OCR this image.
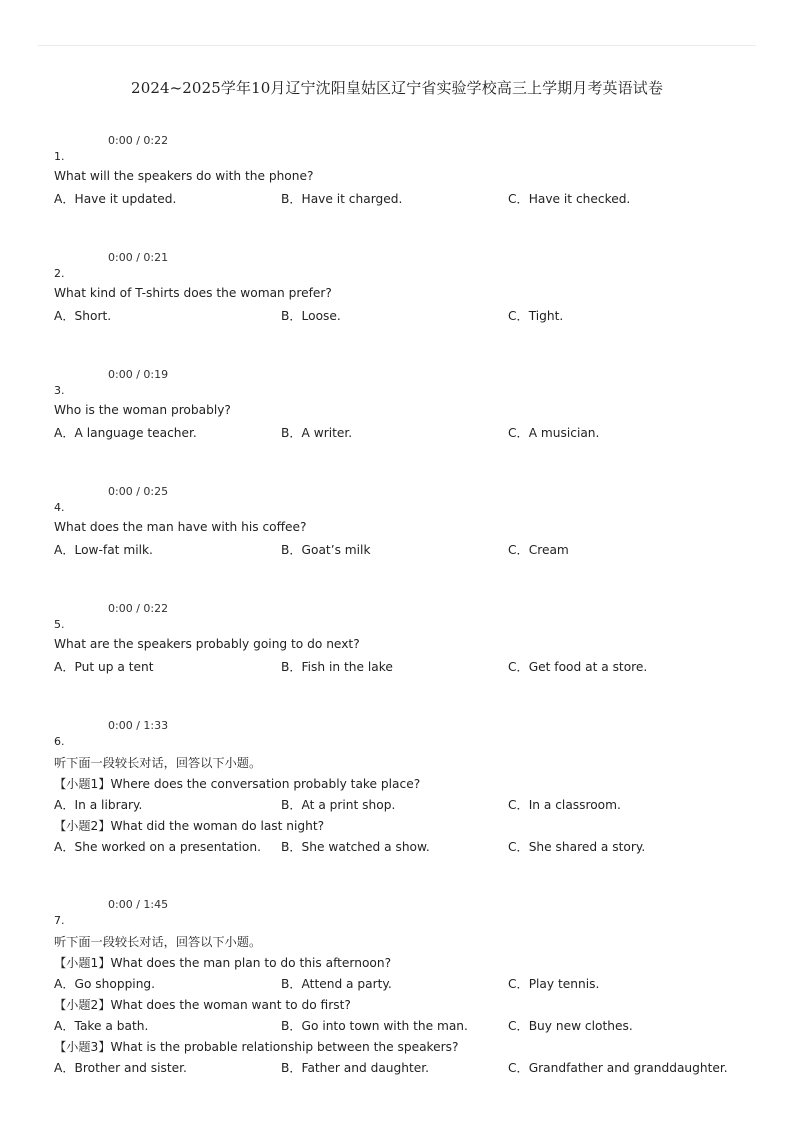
2024~2025学年10月辽宁沈阳皇姑区辽宁省实验学校高三上学期月考英语试卷
0:00 / 0:22
1.
What will the speakers do with the phone?
A．Have it updated.	B．Have it charged.	C．Have it checked.
0:00 / 0:21
2.
What kind of T-shirts does the woman prefer?
A．Short.	B．Loose.	C．Tight.
0:00 / 0:19
3.
Who is the woman probably?
A．A language teacher.	B．A writer.	C．A musician.
0:00 / 0:25
4.
What does the man have with his coffee?
A．Low-fat milk.	B．Goat’s milk	C．Cream
0:00 / 0:22
5.
What are the speakers probably going to do next?
A．Put up a tent	B．Fish in the lake	C．Get food at a store.
0:00 / 1:33
6.
听下面一段较长对话，回答以下小题。
【小题1】Where does the conversation probably take place?
A．In a library.	B．At a print shop.	C．In a classroom.
【小题2】What did the woman do last night?
A．She worked on a presentation. B．She watched a show.	C．She shared a story.
0:00 / 1:45
7.
听下面一段较长对话，回答以下小题。
【小题1】What does the man plan to do this afternoon?
A．Go shopping.	B．Attend a party.	C．Play tennis.
【小题2】What does the woman want to do first?
A．Take a bath.	B．Go into town with the man.	C．Buy new clothes.
【小题3】What is the probable relationship between the speakers?
A．Brother and sister.	B．Father and daughter.	C．Grandfather and granddaughter.
